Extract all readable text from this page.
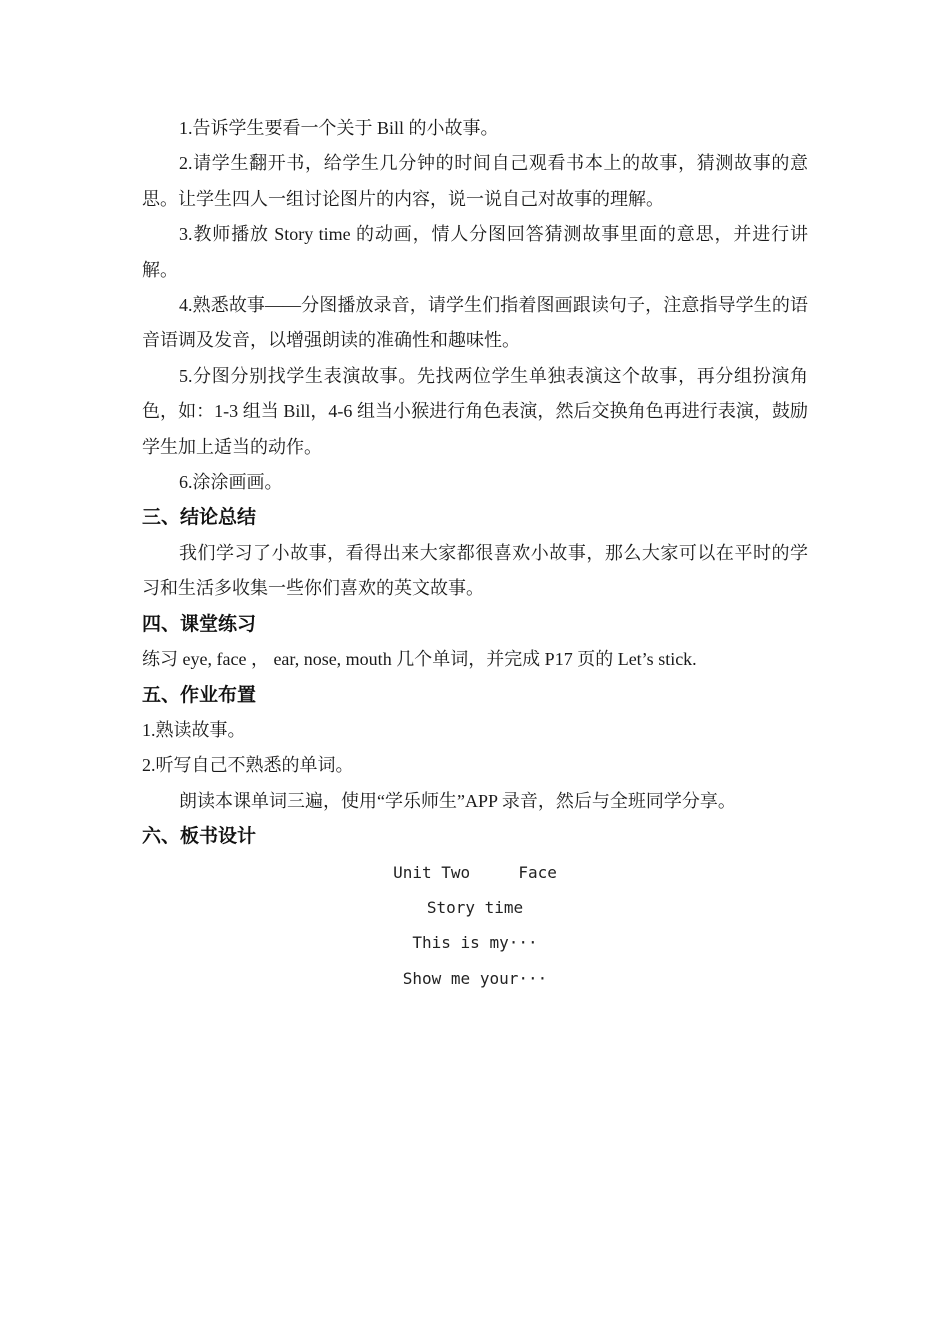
1.告诉学生要看一个关于 Bill 的小故事。

2.请学生翻开书，给学生几分钟的时间自己观看书本上的故事，猜测故事的意思。让学生四人一组讨论图片的内容，说一说自己对故事的理解。

3.教师播放 Story time 的动画，情人分图回答猜测故事里面的意思，并进行讲解。

4.熟悉故事——分图播放录音，请学生们指着图画跟读句子，注意指导学生的语音语调及发音，以增强朗读的准确性和趣味性。

5.分图分别找学生表演故事。先找两位学生单独表演这个故事，再分组扮演角色，如：1-3 组当 Bill，4-6 组当小猴进行角色表演，然后交换角色再进行表演，鼓励学生加上适当的动作。

6.涂涂画画。

三、结论总结

我们学习了小故事，看得出来大家都很喜欢小故事，那么大家可以在平时的学习和生活多收集一些你们喜欢的英文故事。

四、课堂练习

练习 eye, face ， ear, nose, mouth 几个单词，并完成 P17 页的 Let’s stick.

五、作业布置

1.熟读故事。

2.听写自己不熟悉的单词。

朗读本课单词三遍，使用“学乐师生”APP 录音，然后与全班同学分享。

六、板书设计

Unit Two     Face

Story time

This is my···

Show me your···
